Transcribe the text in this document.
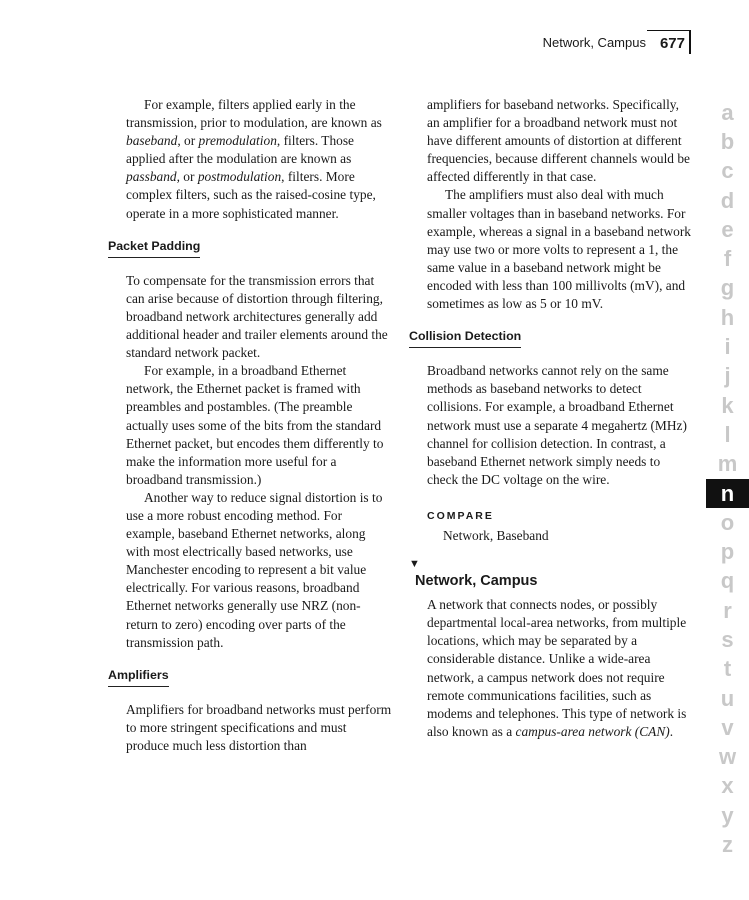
Network, Campus 677

For example, filters applied early in the transmission, prior to modulation, are known as baseband, or premodulation, filters. Those applied after the modulation are known as passband, or postmodulation, filters. More complex filters, such as the raised-cosine type, operate in a more sophisticated manner.

Packet Padding

To compensate for the transmission errors that can arise because of distortion through filtering, broadband network architectures generally add additional header and trailer elements around the standard network packet.

For example, in a broadband Ethernet network, the Ethernet packet is framed with preambles and postambles. (The preamble actually uses some of the bits from the standard Ethernet packet, but encodes them differently to make the information more useful for a broadband transmission.)

Another way to reduce signal distortion is to use a more robust encoding method. For example, baseband Ethernet networks, along with most electrically based networks, use Manchester encoding to represent a bit value electrically. For various reasons, broadband Ethernet networks generally use NRZ (non-return to zero) encoding over parts of the transmission path.

Amplifiers

Amplifiers for broadband networks must perform to more stringent specifications and must produce much less distortion than

amplifiers for baseband networks. Specifically, an amplifier for a broadband network must not have different amounts of distortion at different frequencies, because different channels would be affected differently in that case.

The amplifiers must also deal with much smaller voltages than in baseband networks. For example, whereas a signal in a baseband network may use two or more volts to represent a 1, the same value in a baseband network might be encoded with less than 100 millivolts (mV), and sometimes as low as 5 or 10 mV.

Collision Detection

Broadband networks cannot rely on the same methods as baseband networks to detect collisions. For example, a broadband Ethernet network must use a separate 4 megahertz (MHz) channel for collision detection. In contrast, a baseband Ethernet network simply needs to check the DC voltage on the wire.

COMPARE
Network, Baseband
▼
Network, Campus

A network that connects nodes, or possibly departmental local-area networks, from multiple locations, which may be separated by a considerable distance. Unlike a wide-area network, a campus network does not require remote communications facilities, such as modems and telephones. This type of network is also known as a campus-area network (CAN).

a
b
c
d
e
f
g
h
i
j
k
l
m
n
o
p
q
r
s
t
u
v
w
x
y
z
